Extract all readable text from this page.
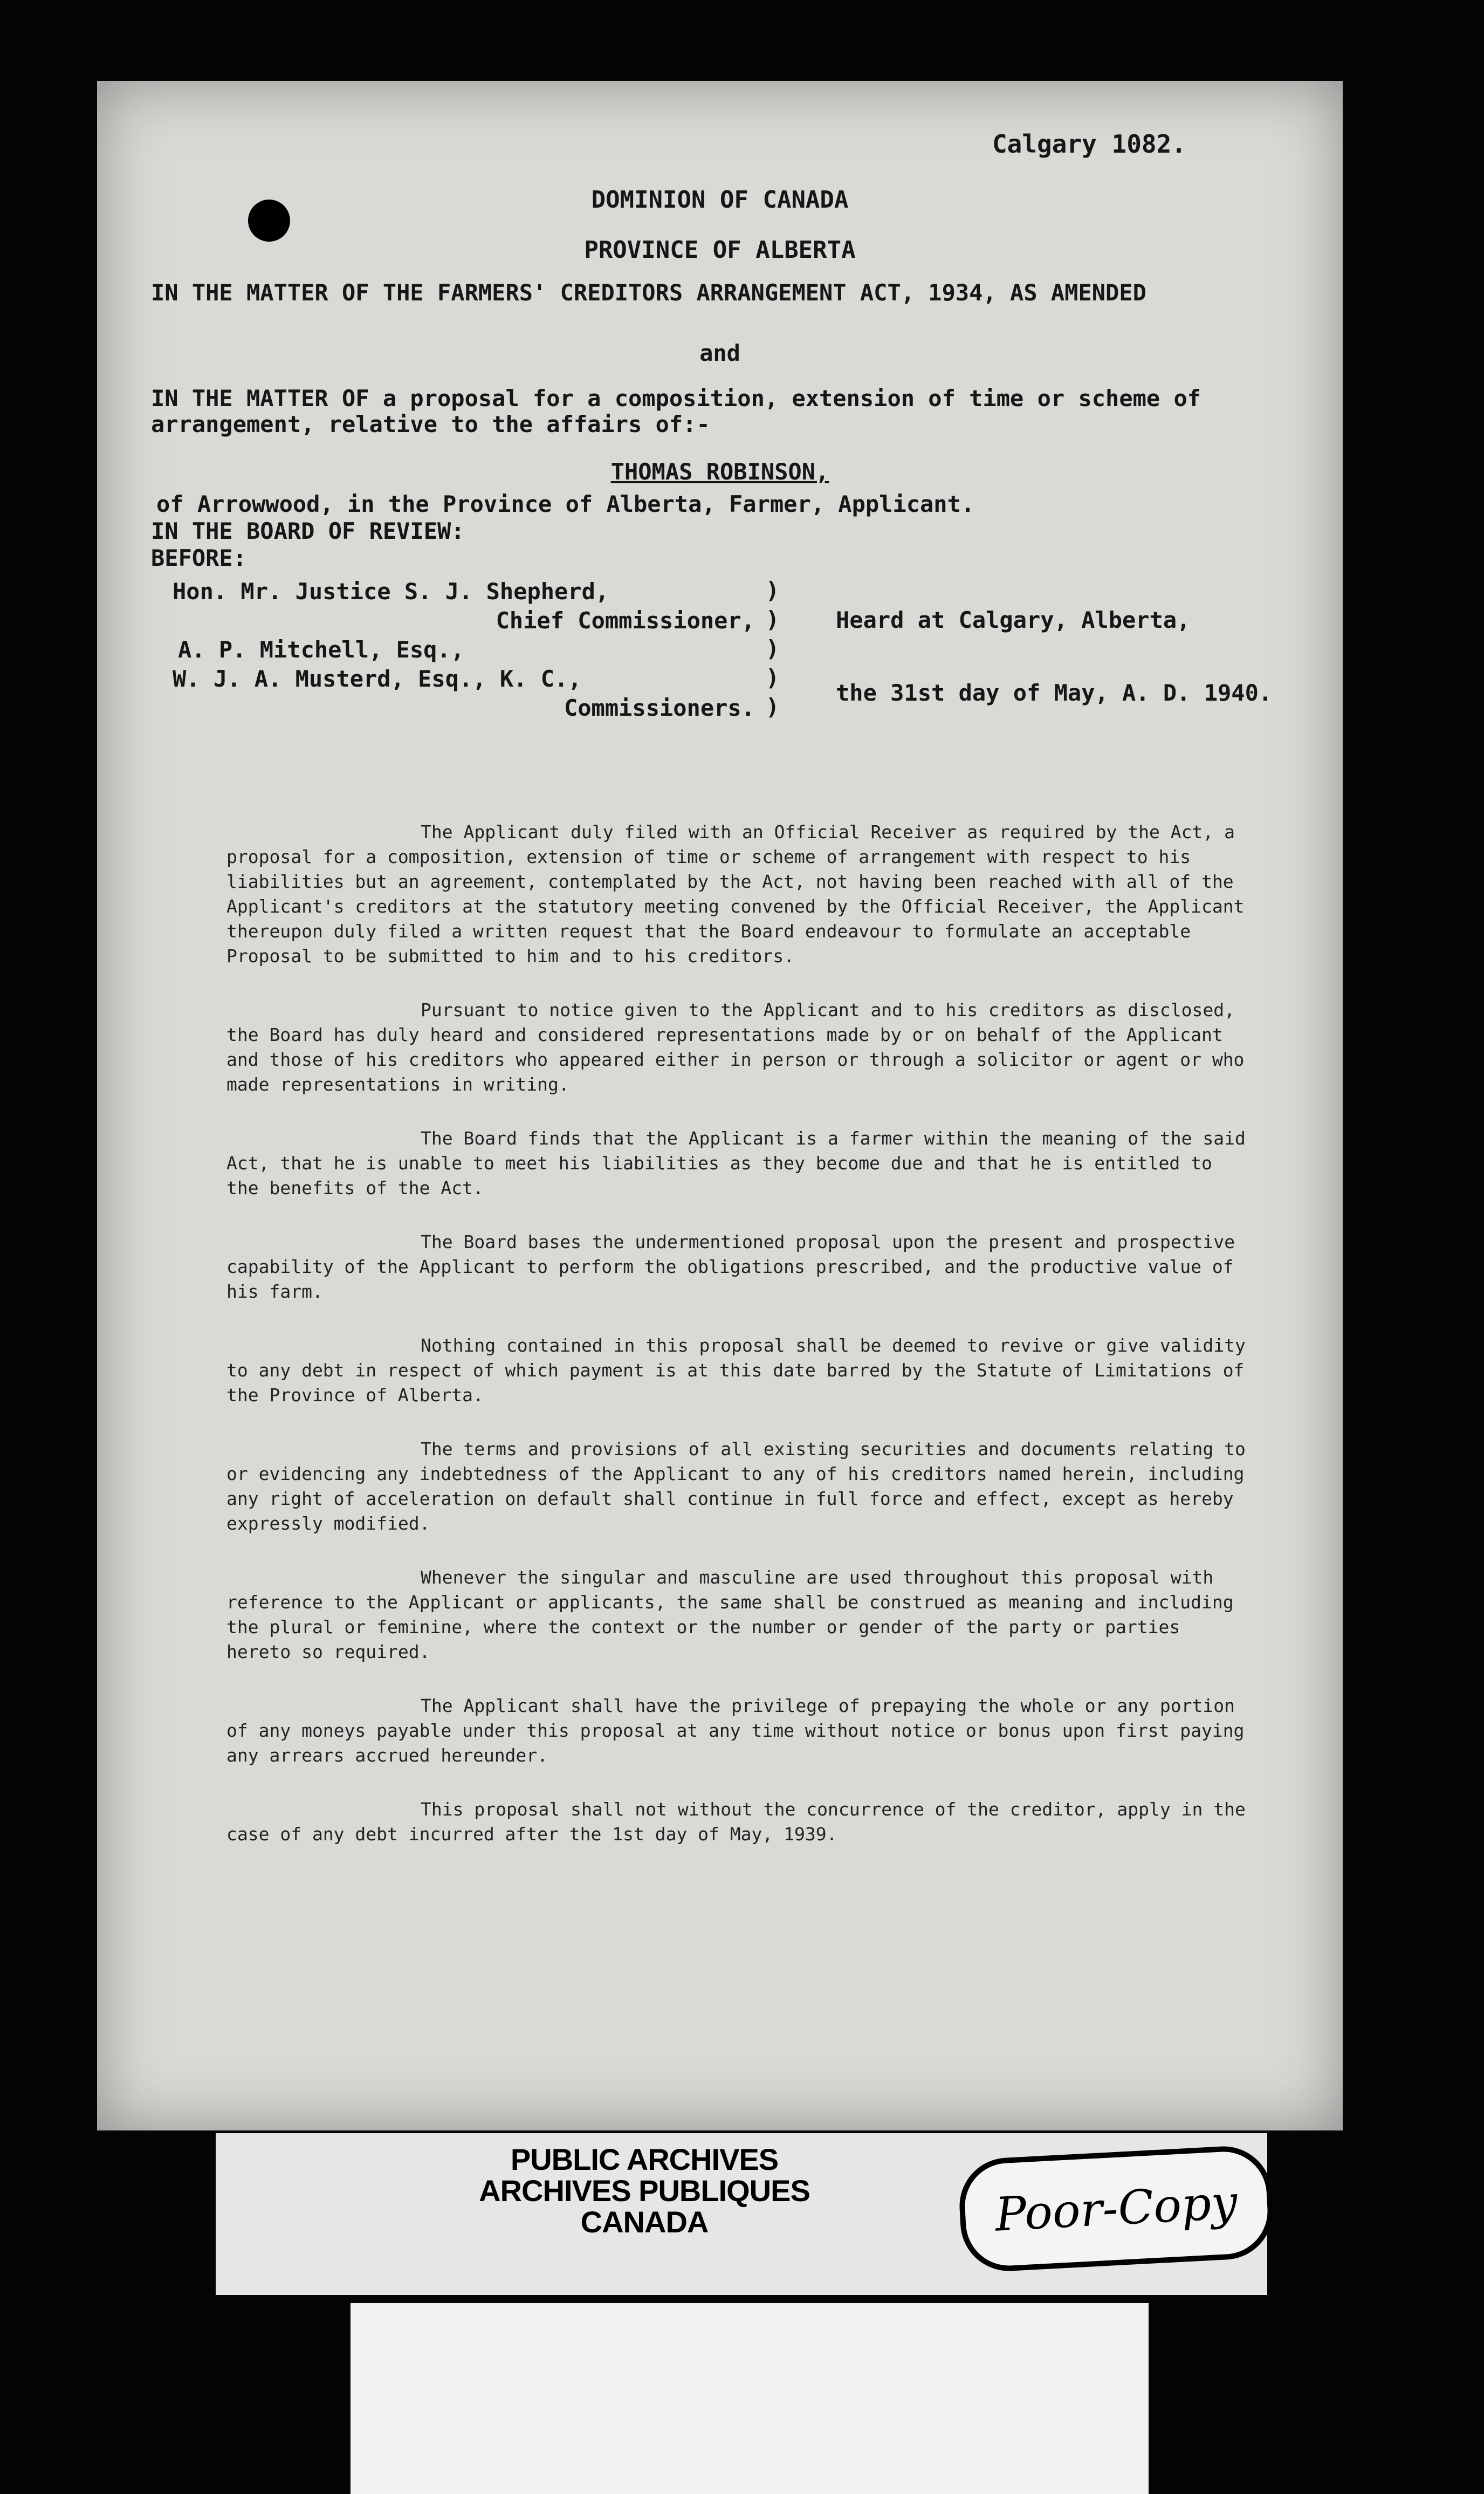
Calgary 1082.
DOMINION OF CANADA
PROVINCE OF ALBERTA
IN THE MATTER OF THE FARMERS' CREDITORS ARRANGEMENT ACT, 1934, AS AMENDED
and
IN THE MATTER OF a proposal for a composition, extension of time or scheme of arrangement, relative to the affairs of:-
THOMAS ROBINSON,
of Arrowwood, in the Province of Alberta, Farmer, Applicant.
IN THE BOARD OF REVIEW:
BEFORE:
Hon. Mr. Justice S. J. Shepherd,
Chief Commissioner,
A. P. Mitchell, Esq.,
W. J. A. Musterd, Esq., K. C.,
Commissioners.
)
)
)
)
)
Heard at Calgary, Alberta,
the 31st day of May, A. D. 1940.

The Applicant duly filed with an Official Receiver as required by the Act, a proposal for a composition, extension of time or scheme of arrangement with respect to his liabilities but an agreement, contemplated by the Act, not having been reached with all of the Applicant's creditors at the statutory meeting convened by the Official Receiver, the Applicant thereupon duly filed a written request that the Board endeavour to formulate an acceptable Proposal to be submitted to him and to his creditors.

Pursuant to notice given to the Applicant and to his creditors as disclosed, the Board has duly heard and considered representations made by or on behalf of the Applicant and those of his creditors who appeared either in person or through a solicitor or agent or who made representations in writing.

The Board finds that the Applicant is a farmer within the meaning of the said Act, that he is unable to meet his liabilities as they become due and that he is entitled to the benefits of the Act.

The Board bases the undermentioned proposal upon the present and prospective capability of the Applicant to perform the obligations prescribed, and the productive value of his farm.

Nothing contained in this proposal shall be deemed to revive or give validity to any debt in respect of which payment is at this date barred by the Statute of Limitations of the Province of Alberta.

The terms and provisions of all existing securities and documents relating to or evidencing any indebtedness of the Applicant to any of his creditors named herein, including any right of acceleration on default shall continue in full force and effect, except as hereby expressly modified.

Whenever the singular and masculine are used throughout this proposal with reference to the Applicant or applicants, the same shall be construed as meaning and including the plural or feminine, where the context or the number or gender of the party or parties hereto so required.

The Applicant shall have the privilege of prepaying the whole or any portion of any moneys payable under this proposal at any time without notice or bonus upon first paying any arrears accrued hereunder.

This proposal shall not without the concurrence of the creditor, apply in the case of any debt incurred after the 1st day of May, 1939.

PUBLIC ARCHIVES
ARCHIVES PUBLIQUES
CANADA	Poor-Copy
